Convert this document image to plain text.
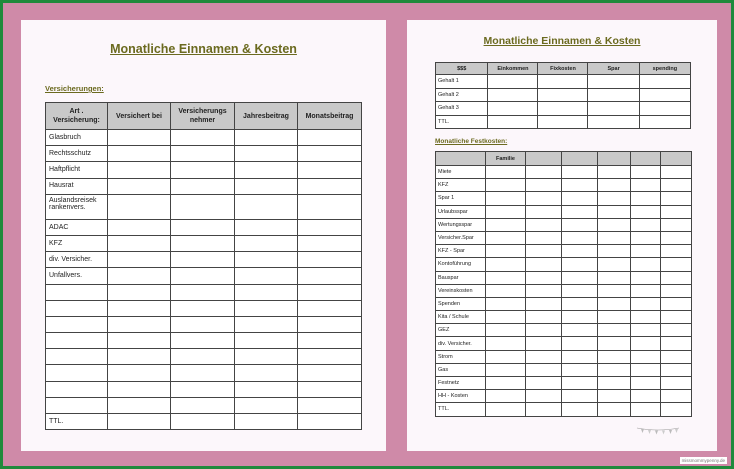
Monatliche Einnamen & Kosten
Versicherungen:
Art . Versicherung:	Versichert bei	Versicherungs nehmer	Jahresbeitrag	Monatsbeitrag
Glasbruch				
Rechtsschutz				
Haftpflicht				
Hausrat				
Auslandsreisek rankenvers.				
ADAC				
KFZ				
div. Versicher.				
Unfallvers.				

TTL.				
Monatliche Einnamen & Kosten
$$$	Einkommen	Fixkosten	Spar	spending
Gehalt 1				
Gehalt 2				
Gehalt 3				
TTL.				
Monatliche Festkosten:
	Familie					
Miete						
KFZ						
Spar 1						
Urlaubsspar						
Wertungsspar						
Versicher.Spar						
KFZ - Spar						
Kontoführung						
Bauspar						
Vereinskosten						
Spenden						
Kita / Schule						
GEZ						
div. Versicher.						
Strom						
Gas						
Festnetz						
HH - Kosten						
TTL.						
missmommypenny.de
